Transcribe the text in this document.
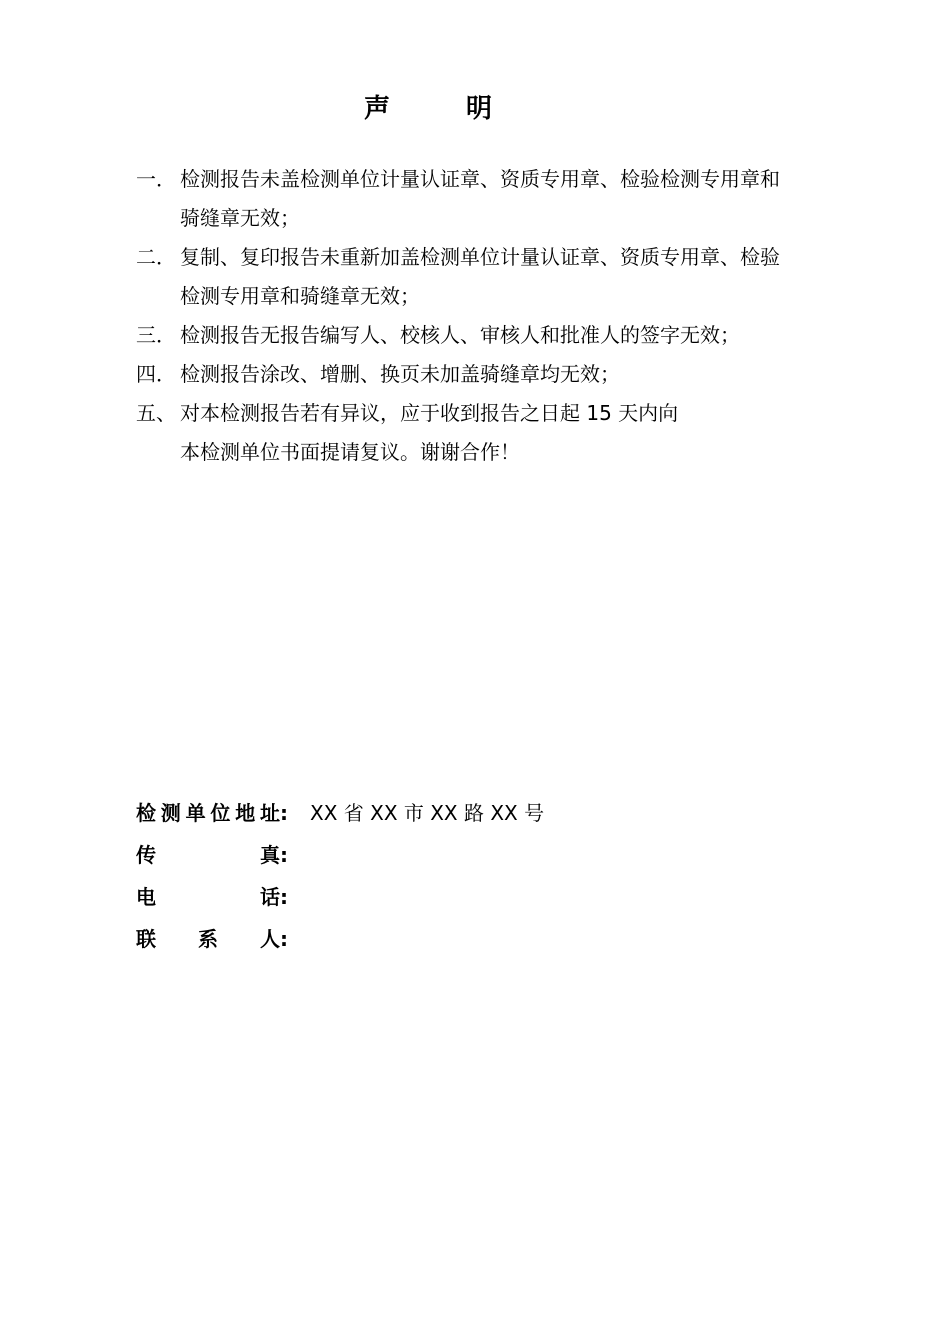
声	明
一． 检测报告未盖检测单位计量认证章、资质专用章、检验检测专用章和
骑缝章无效；
二． 复制、复印报告未重新加盖检测单位计量认证章、资质专用章、检验
检测专用章和骑缝章无效；
三． 检测报告无报告编写人、校核人、审核人和批准人的签字无效；
四． 检测报告涂改、增删、换页未加盖骑缝章均无效；
五、 对本检测报告若有异议，应于收到报告之日起 15 天内向
本检测单位书面提请复议。谢谢合作！
检 测 单 位 地 址:	XX 省 XX 市 XX 路 XX 号
传	真:
电	话:
联 系 人:
